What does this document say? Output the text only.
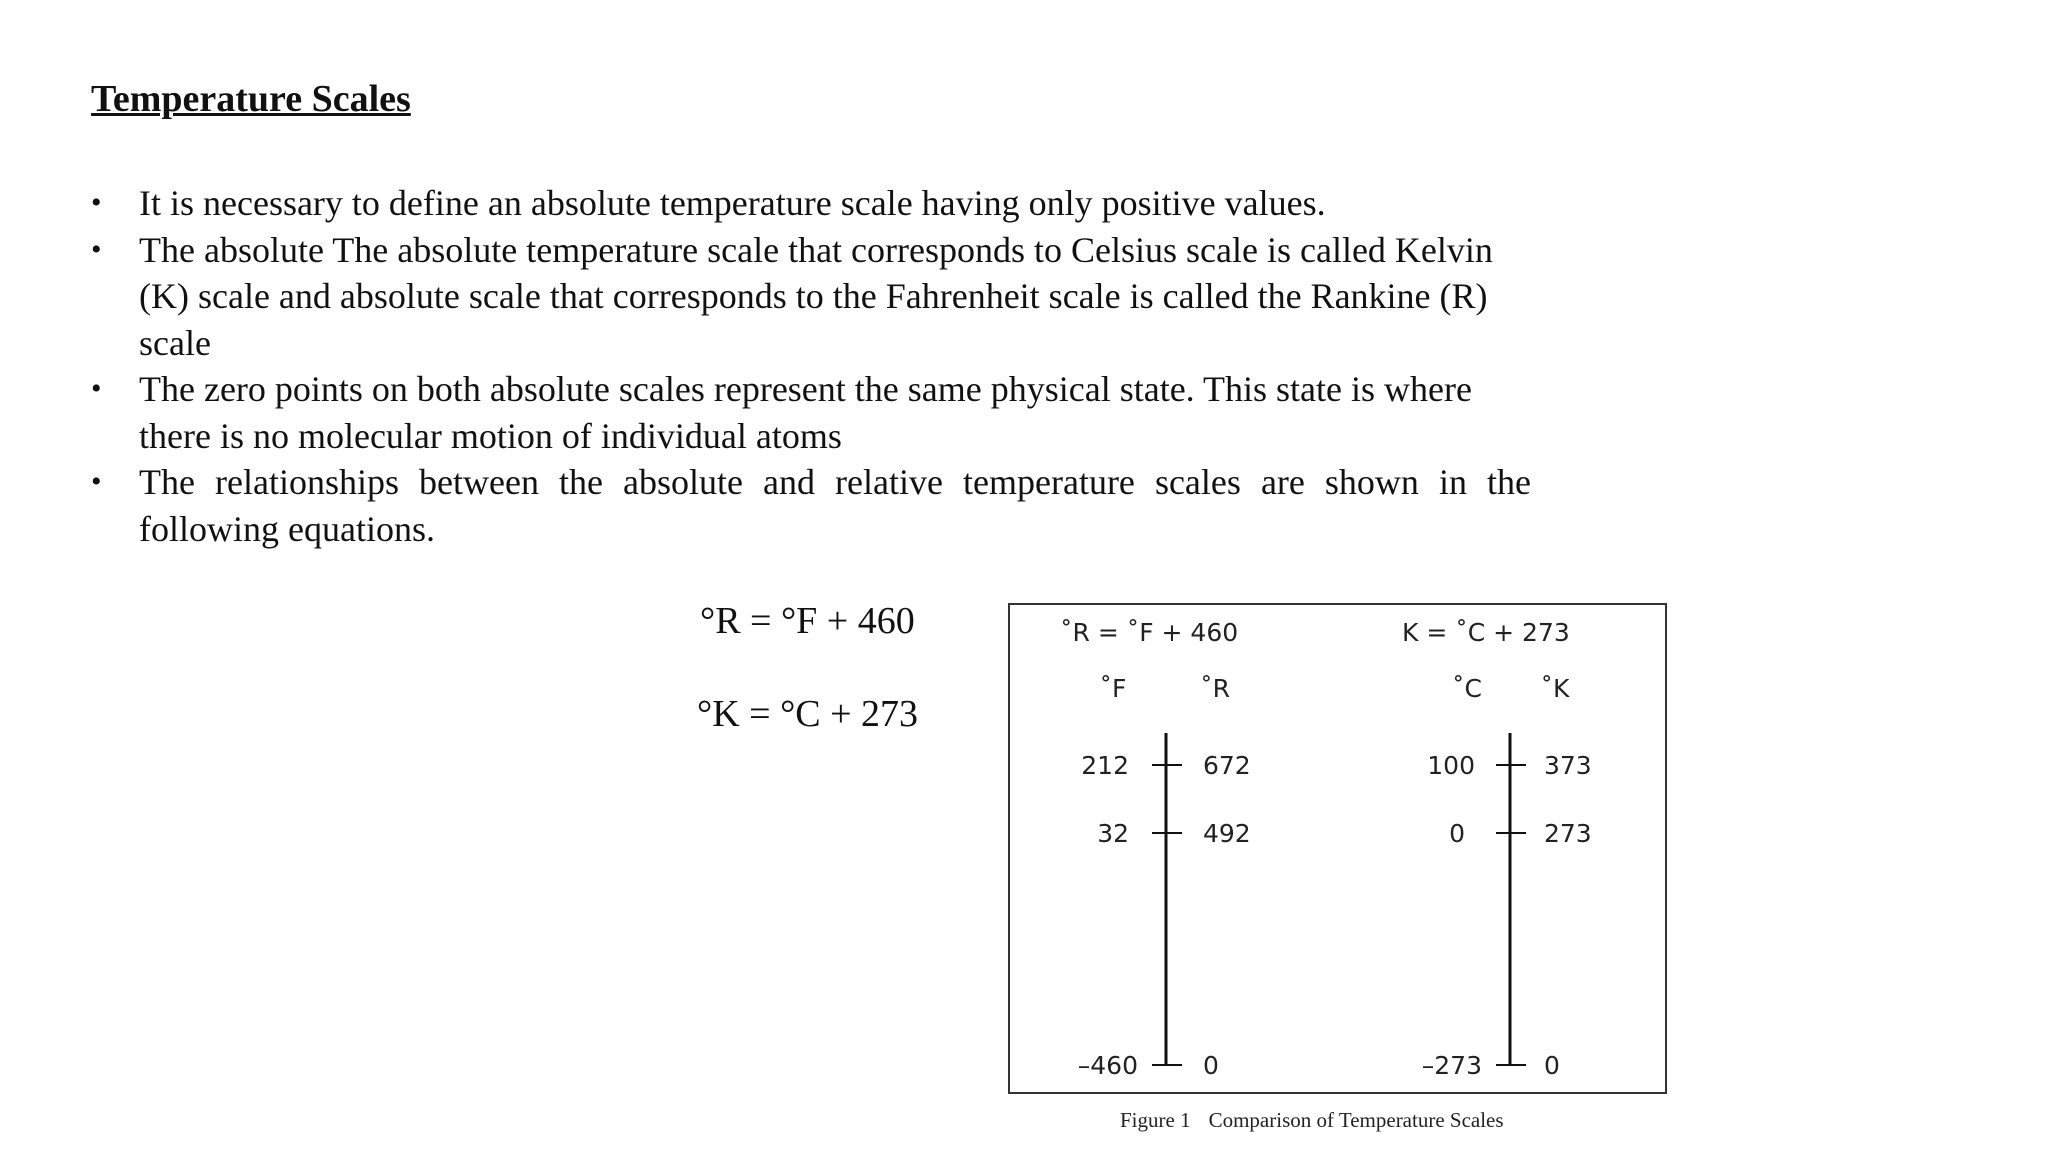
Temperature Scales
• It is necessary to define an absolute temperature scale having only positive values.
• The absolute The absolute temperature scale that corresponds to Celsius scale is called Kelvin (K) scale and absolute scale that corresponds to the Fahrenheit scale is called the Rankine (R) scale
• The zero points on both absolute scales represent the same physical state. This state is where there is no molecular motion of individual atoms
• The relationships between the absolute and relative temperature scales are shown in the following equations.
°R = °F + 460
°K = °C + 273
˚R = ˚F + 460
˚F	˚R
212
32
–460
672
492
0
K = ˚C + 273
˚C ˚K
100
0
–273
373
273
0
Figure 1 Comparison of Temperature Scales
